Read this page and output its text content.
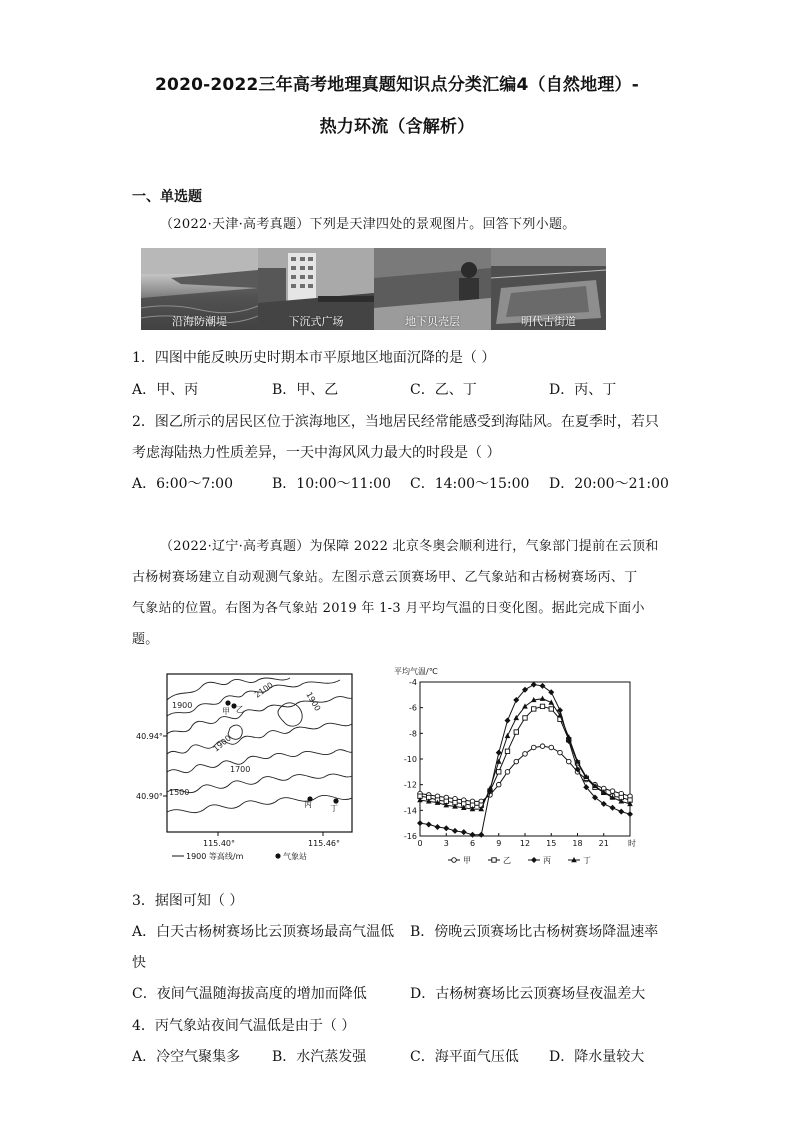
2020-2022三年高考地理真题知识点分类汇编4（自然地理）-
热力环流（含解析）
一、单选题
（2022·天津·高考真题）下列是天津四处的景观图片。回答下列小题。
沿海防潮堤	下沉式广场	地下贝壳层	明代古街道
1．四图中能反映历史时期本市平原地区地面沉降的是（ ）
A．甲、丙	B．甲、乙	C．乙、丁	D．丙、丁
2．图乙所示的居民区位于滨海地区，当地居民经常能感受到海陆风。在夏季时，若只
考虑海陆热力性质差异，一天中海风风力最大的时段是（ ）
A．6:00～7:00	B．10:00～11:00 C．14:00～15:00 D．20:00～21:00
（2022·辽宁·高考真题）为保障 2022 北京冬奥会顺利进行，气象部门提前在云顶和
古杨树赛场建立自动观测气象站。左图示意云顶赛场甲、乙气象站和古杨树赛场丙、丁
气象站的位置。右图为各气象站 2019 年 1-3 月平均气温的日变化图。据此完成下面小
题。
1900
2100
1900
1900
1700
1500
甲 乙
丙 丁
40.94°
40.90°
115.40°	115.46°
1900 等高线/m	气象站
平均气温/℃
-4
-6
-8
-10
-12
-14
-16
0	3	6	9 12 15 18 21 时
甲	乙	丙	丁
3．据图可知（ ）
A．白天古杨树赛场比云顶赛场最高气温低 B．傍晚云顶赛场比古杨树赛场降温速率
快
C．夜间气温随海拔高度的增加而降低	D．古杨树赛场比云顶赛场昼夜温差大
4．丙气象站夜间气温低是由于（ ）
A．冷空气聚集多 B．水汽蒸发强	C．海平面气压低 D．降水量较大
